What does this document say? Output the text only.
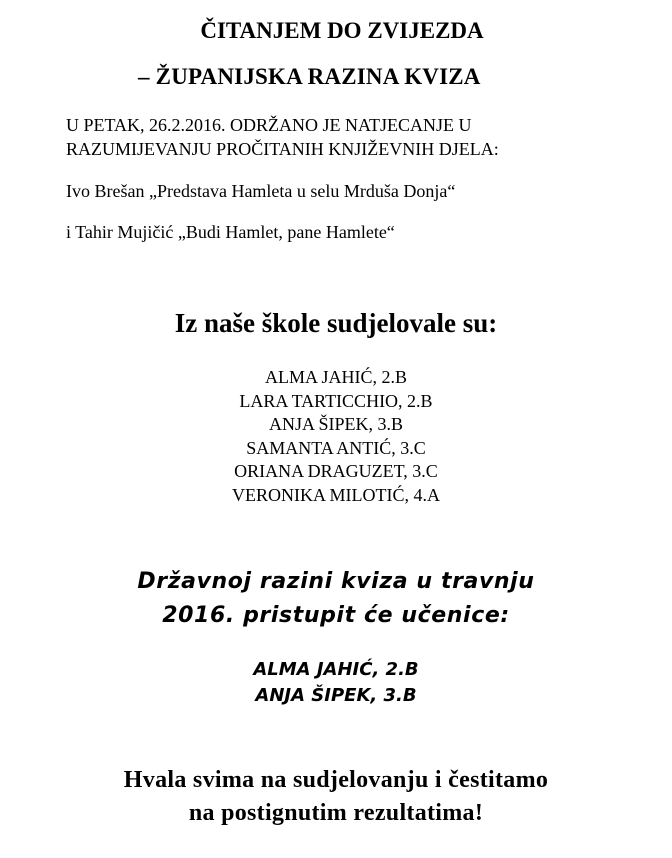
ČITANJEM DO ZVIJEZDA
– ŽUPANIJSKA RAZINA KVIZA
U PETAK, 26.2.2016. ODRŽANO JE NATJECANJE U
RAZUMIJEVANJU PROČITANIH KNJIŽEVNIH DJELA:
Ivo Brešan „Predstava Hamleta u selu Mrduša Donja“
i Tahir Mujičić „Budi Hamlet, pane Hamlete“
Iz naše škole sudjelovale su:
ALMA JAHIĆ, 2.B
LARA TARTICCHIO, 2.B
ANJA ŠIPEK, 3.B
SAMANTA ANTIĆ, 3.C
ORIANA DRAGUZET, 3.C
VERONIKA MILOTIĆ, 4.A
Državnoj razini kviza u travnju
2016. pristupit će učenice:
ALMA JAHIĆ, 2.B
ANJA ŠIPEK, 3.B
Hvala svima na sudjelovanju i čestitamo
na postignutim rezultatima!
